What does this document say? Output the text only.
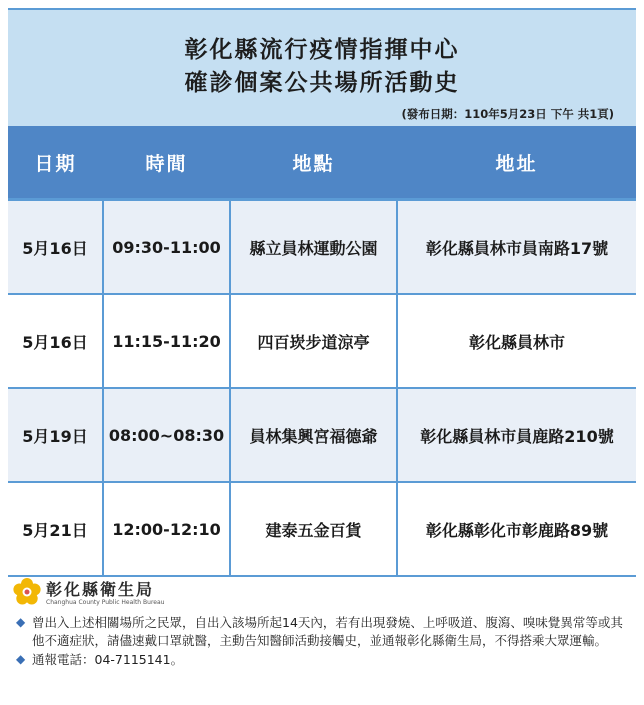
彰化縣流行疫情指揮中心
確診個案公共場所活動史
(發布日期：110年5月23日 下午 共1頁)
日期	時間	地點	地址
5月16日	09:30-11:00	縣立員林運動公園	彰化縣員林市員南路17號
5月16日	11:15-11:20	四百崁步道涼亭	彰化縣員林市
5月19日	08:00~08:30	員林集興宮福德爺	彰化縣員林市員鹿路210號
5月21日	12:00-12:10	建泰五金百貨	彰化縣彰化市彰鹿路89號
彰化縣衛生局
Changhua County Public Health Bureau
◆ 曾出入上述相關場所之民眾，自出入該場所起14天內，若有出現發燒、上呼吸道、腹瀉、嗅味覺異常等或其他不適症狀，請儘速戴口罩就醫，主動告知醫師活動接觸史，並通報彰化縣衛生局，不得搭乘大眾運輸。
◆ 通報電話：04-7115141。
